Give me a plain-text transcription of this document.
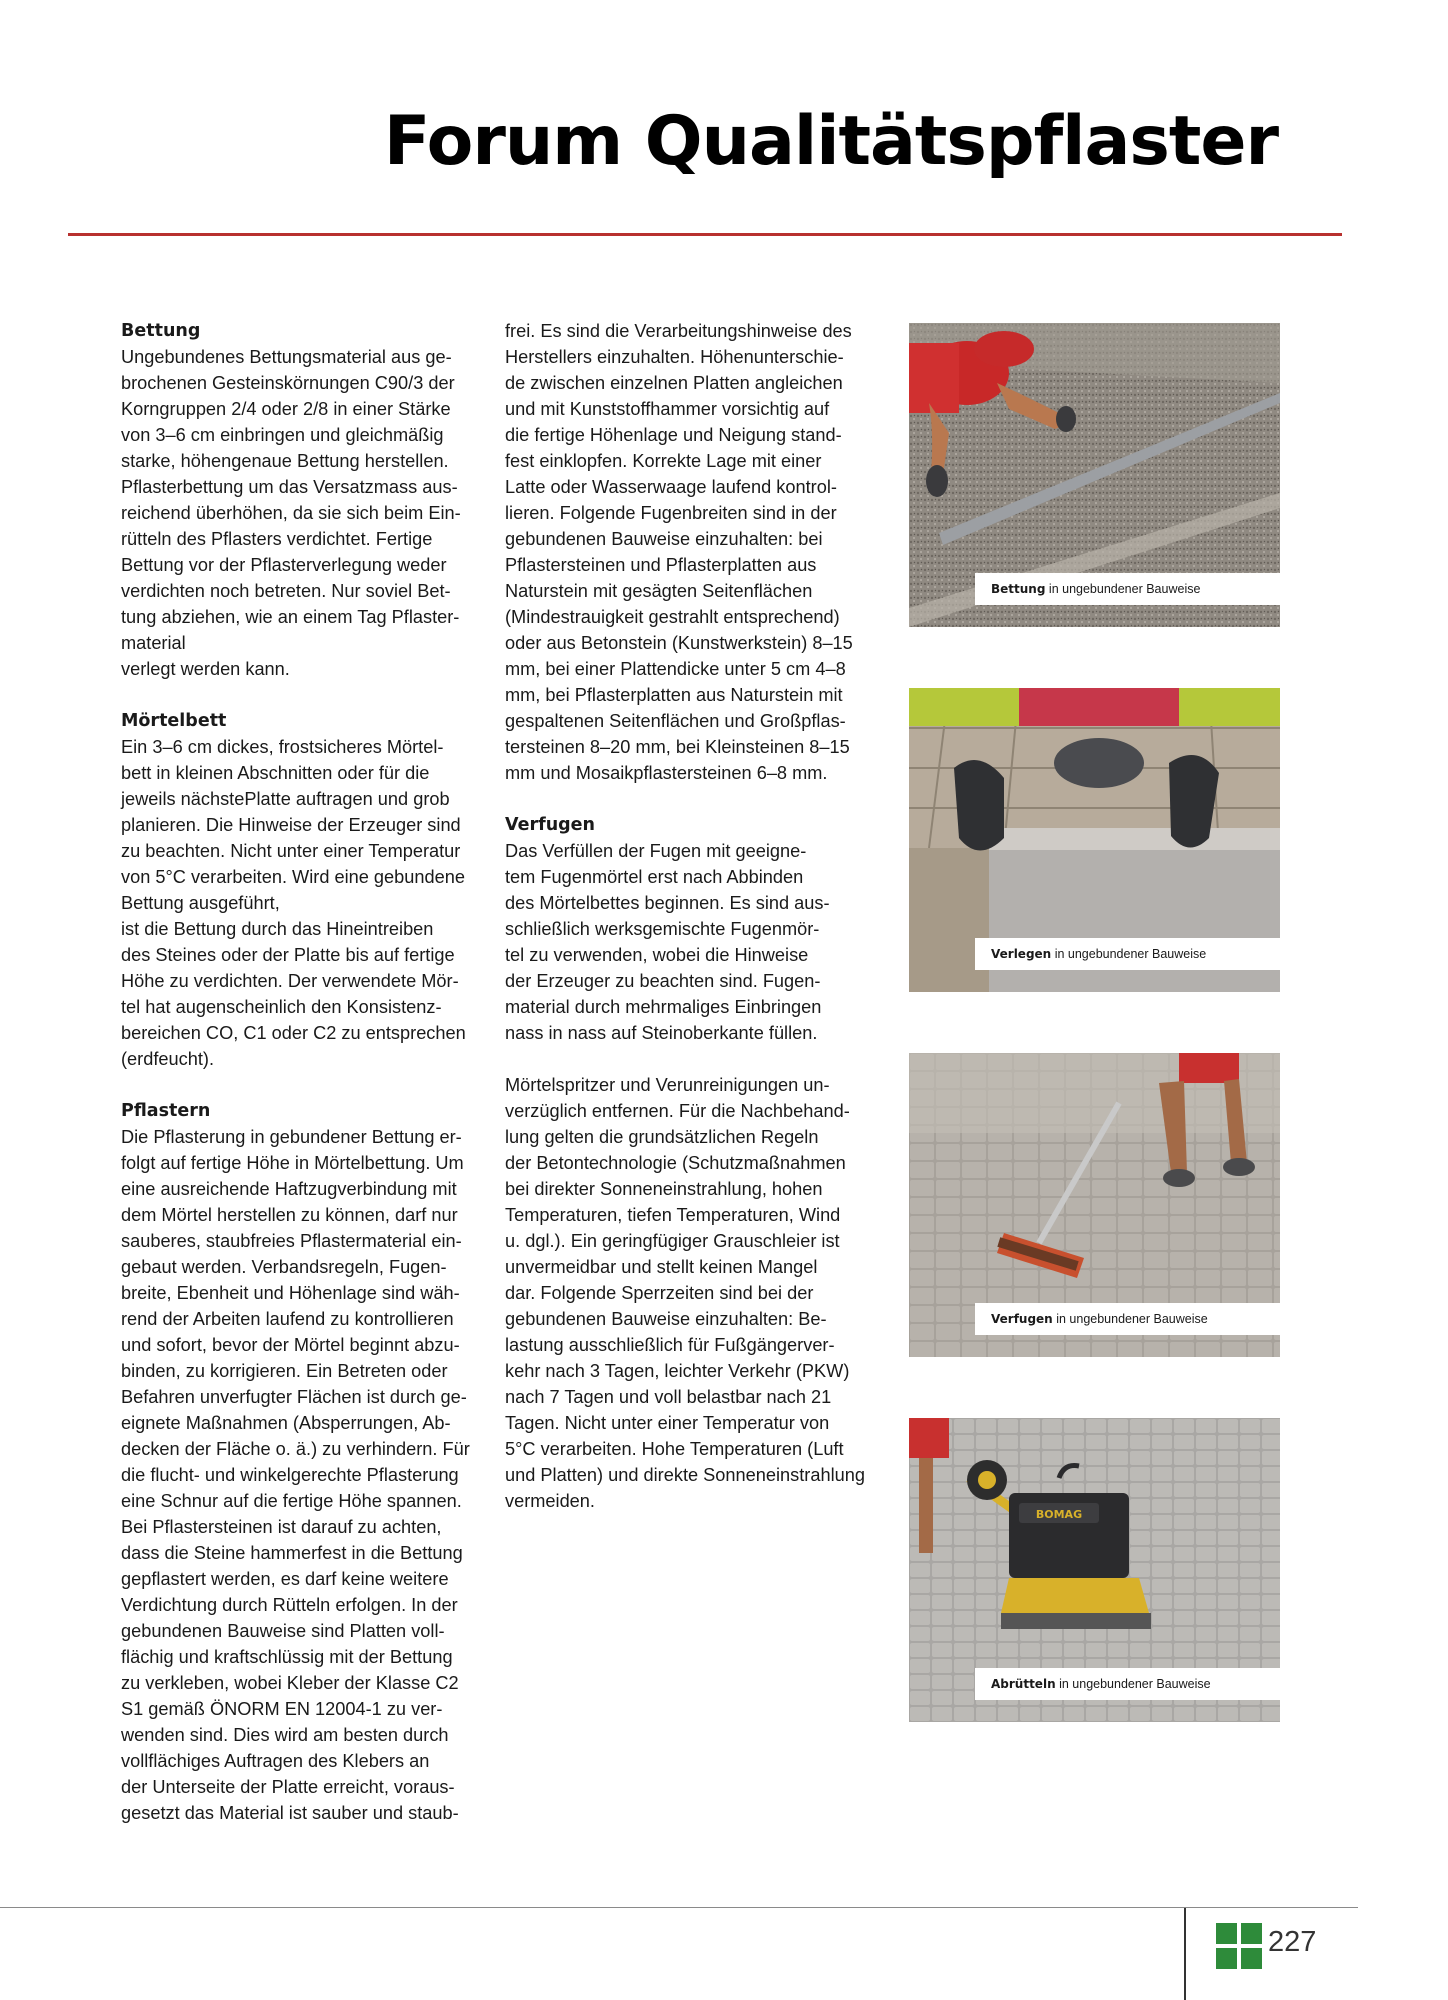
Forum Qualitätspflaster
Bettung

Ungebundenes Bettungsmaterial aus ge-
brochenen Gesteinskörnungen C90/3 der
Korngruppen 2/4 oder 2/8 in einer Stärke
von 3–6 cm einbringen und gleichmäßig
starke, höhengenaue Bettung herstellen.
Pflasterbettung um das Versatzmass aus-
reichend überhöhen, da sie sich beim Ein-
rütteln des Pflasters verdichtet. Fertige
Bettung vor der Pflasterverlegung weder
verdichten noch betreten. Nur soviel Bet-
tung abziehen, wie an einem Tag Pflaster-
material
verlegt werden kann.

Mörtelbett

Ein 3–6 cm dickes, frostsicheres Mörtel-
bett in kleinen Abschnitten oder für die
jeweils nächstePlatte auftragen und grob
planieren. Die Hinweise der Erzeuger sind
zu beachten. Nicht unter einer Temperatur
von 5°C verarbeiten. Wird eine gebundene
Bettung ausgeführt,
ist die Bettung durch das Hineintreiben
des Steines oder der Platte bis auf fertige
Höhe zu verdichten. Der verwendete Mör-
tel hat augenscheinlich den Konsistenz-
bereichen CO, C1 oder C2 zu entsprechen
(erdfeucht).

Pflastern

Die Pflasterung in gebundener Bettung er-
folgt auf fertige Höhe in Mörtelbettung. Um
eine ausreichende Haftzugverbindung mit
dem Mörtel herstellen zu können, darf nur
sauberes, staubfreies Pflastermaterial ein-
gebaut werden. Verbandsregeln, Fugen-
breite, Ebenheit und Höhenlage sind wäh-
rend der Arbeiten laufend zu kontrollieren
und sofort, bevor der Mörtel beginnt abzu-
binden, zu korrigieren. Ein Betreten oder
Befahren unverfugter Flächen ist durch ge-
eignete Maßnahmen (Absperrungen, Ab-
decken der Fläche o. ä.) zu verhindern. Für
die flucht- und winkelgerechte Pflasterung
eine Schnur auf die fertige Höhe spannen.
Bei Pflastersteinen ist darauf zu achten,
dass die Steine hammerfest in die Bettung
gepflastert werden, es darf keine weitere
Verdichtung durch Rütteln erfolgen. In der
gebundenen Bauweise sind Platten voll-
flächig und kraftschlüssig mit der Bettung
zu verkleben, wobei Kleber der Klasse C2
S1 gemäß ÖNORM EN 12004-1 zu ver-
wenden sind. Dies wird am besten durch
vollflächiges Auftragen des Klebers an
der Unterseite der Platte erreicht, voraus-
gesetzt das Material ist sauber und staub-

frei. Es sind die Verarbeitungshinweise des
Herstellers einzuhalten. Höhenunterschie-
de zwischen einzelnen Platten angleichen
und mit Kunststoffhammer vorsichtig auf
die fertige Höhenlage und Neigung stand-
fest einklopfen. Korrekte Lage mit einer
Latte oder Wasserwaage laufend kontrol-
lieren. Folgende Fugenbreiten sind in der
gebundenen Bauweise einzuhalten: bei
Pflastersteinen und Pflasterplatten aus
Naturstein mit gesägten Seitenflächen
(Mindestrauigkeit gestrahlt entsprechend)
oder aus Betonstein (Kunstwerkstein) 8–15
mm, bei einer Plattendicke unter 5 cm 4–8
mm, bei Pflasterplatten aus Naturstein mit
gespaltenen Seitenflächen und Großpflas-
tersteinen 8–20 mm, bei Kleinsteinen 8–15
mm und Mosaikpflastersteinen 6–8 mm.

Verfugen

Das Verfüllen der Fugen mit geeigne-
tem Fugenmörtel erst nach Abbinden
des Mörtelbettes beginnen. Es sind aus-
schließlich werksgemischte Fugenmör-
tel zu verwenden, wobei die Hinweise
der Erzeuger zu beachten sind. Fugen-
material durch mehrmaliges Einbringen
nass in nass auf Steinoberkante füllen.

Mörtelspritzer und Verunreinigungen un-
verzüglich entfernen. Für die Nachbehand-
lung gelten die grundsätzlichen Regeln
der Betontechnologie (Schutzmaßnahmen
bei direkter Sonneneinstrahlung, hohen
Temperaturen, tiefen Temperaturen, Wind
u. dgl.). Ein geringfügiger Grauschleier ist
unvermeidbar und stellt keinen Mangel
dar. Folgende Sperrzeiten sind bei der
gebundenen Bauweise einzuhalten: Be-
lastung ausschließlich für Fußgängerver-
kehr nach 3 Tagen, leichter Verkehr (PKW)
nach 7 Tagen und voll belastbar nach 21
Tagen. Nicht unter einer Temperatur von
5°C verarbeiten. Hohe Temperaturen (Luft
und Platten) und direkte Sonneneinstrahlung
vermeiden.

Bettung in ungebundener Bauweise
Verlegen in ungebundener Bauweise
Verfugen in ungebundener Bauweise
BOMAG
Abrütteln in ungebundener Bauweise
227
